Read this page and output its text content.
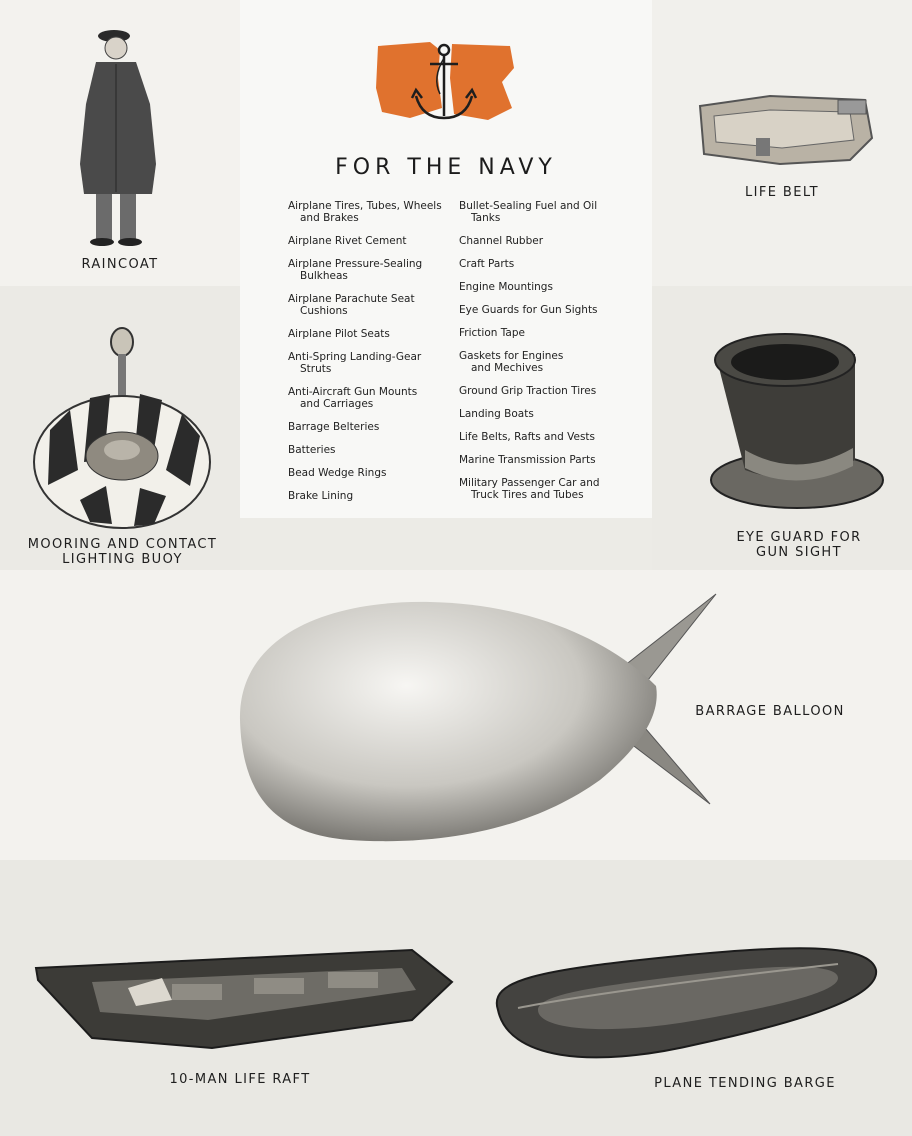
FOR THE NAVY
Airplane Tires, Tubes, Wheels
and Brakes
Airplane Rivet Cement
Airplane Pressure-Sealing
Bulkheas
Airplane Parachute Seat
Cushions
Airplane Pilot Seats
Anti-Spring Landing-Gear
Struts
Anti-Aircraft Gun Mounts
and Carriages
Barrage Belteries
Batteries
Bead Wedge Rings
Brake Lining
Bullet-Sealing Fuel and Oil
Tanks
Channel Rubber
Craft Parts
Engine Mountings
Eye Guards for Gun Sights
Friction Tape
Gaskets for Engines
and Mechives
Ground Grip Traction Tires
Landing Boats
Life Belts, Rafts and Vests
Marine Transmission Parts
Military Passenger Car and
Truck Tires and Tubes
RAINCOAT
LIFE BELT
MOORING AND CONTACT
LIGHTING BUOY
EYE GUARD FOR
GUN SIGHT
BARRAGE BALLOON
10-MAN LIFE RAFT	PLANE TENDING BARGE
